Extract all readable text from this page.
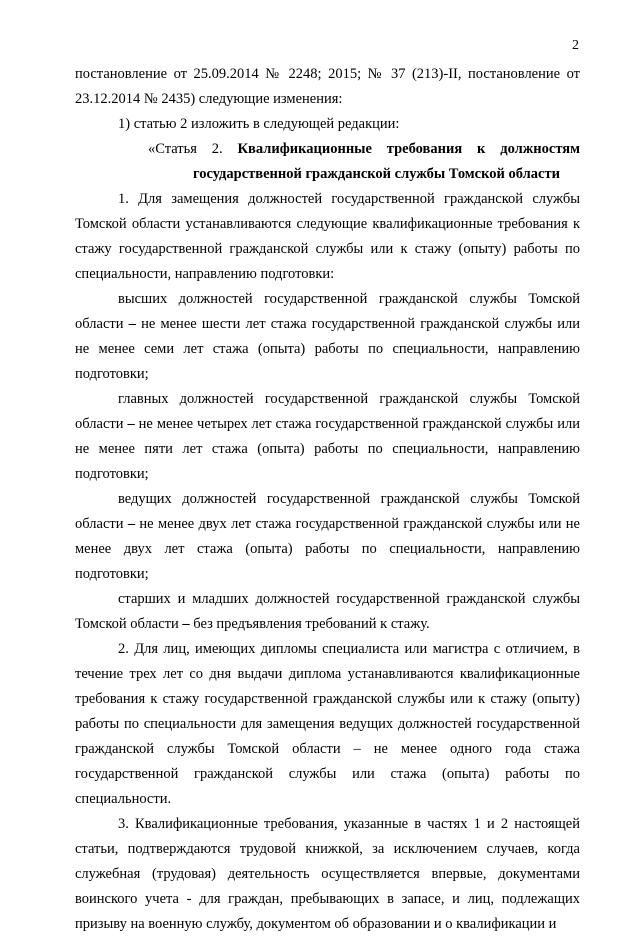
2

постановление от 25.09.2014 № 2248; 2015; № 37 (213)-II, постановление от 23.12.2014 № 2435) следующие изменения:

1) статью 2 изложить в следующей редакции:

«Статья 2. Квалификационные требования к должностям

государственной гражданской службы Томской области

1. Для замещения должностей государственной гражданской службы Томской области устанавливаются следующие квалификационные требования к стажу государственной гражданской службы или к стажу (опыту) работы по специальности, направлению подготовки:

высших должностей государственной гражданской службы Томской области – не менее шести лет стажа государственной гражданской службы или не менее семи лет стажа (опыта) работы по специальности, направлению подготовки;

главных должностей государственной гражданской службы Томской области – не менее четырех лет стажа государственной гражданской службы или не менее пяти лет стажа (опыта) работы по специальности, направлению подготовки;

ведущих должностей государственной гражданской службы Томской области – не менее двух лет стажа государственной гражданской службы или не менее двух лет стажа (опыта) работы по специальности, направлению подготовки;

старших и младших должностей государственной гражданской службы Томской области – без предъявления требований к стажу.

2. Для лиц, имеющих дипломы специалиста или магистра с отличием, в течение трех лет со дня выдачи диплома устанавливаются квалификационные требования к стажу государственной гражданской службы или к стажу (опыту) работы по специальности для замещения ведущих должностей государственной гражданской службы Томской области – не менее одного года стажа государственной гражданской службы или стажа (опыта) работы по специальности.

3. Квалификационные требования, указанные в частях 1 и 2 настоящей статьи, подтверждаются трудовой книжкой, за исключением случаев, когда служебная (трудовая) деятельность осуществляется впервые, документами воинского учета - для граждан, пребывающих в запасе, и лиц, подлежащих призыву на военную службу, документом об образовании и о квалификации и
